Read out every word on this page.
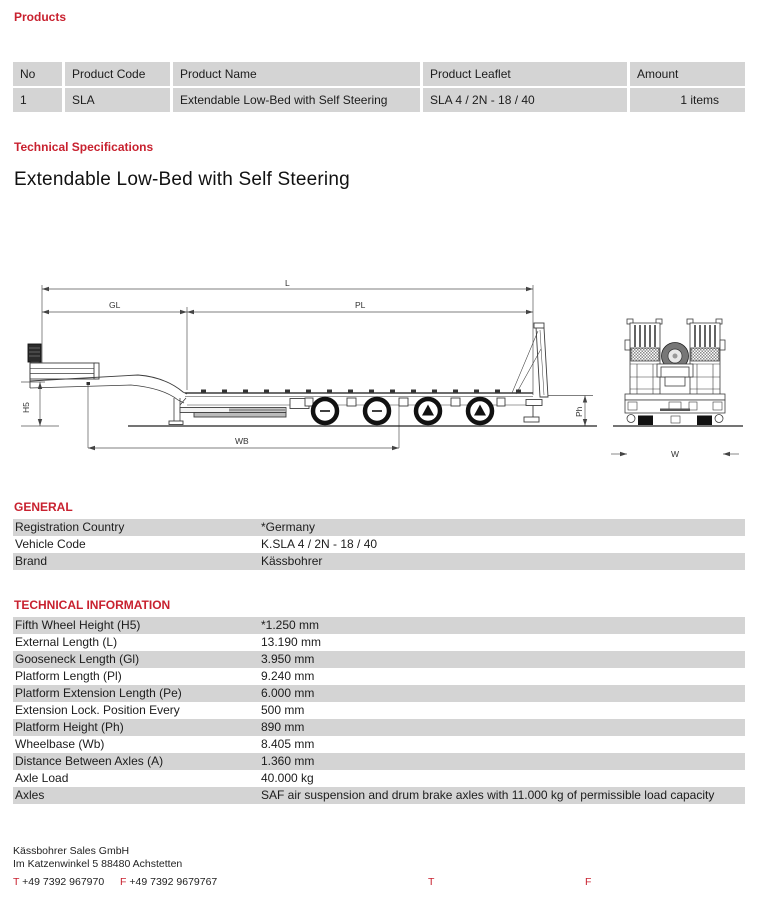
Products
No	Product Code	Product Name	Product Leaflet	Amount
1	SLA	Extendable Low-Bed with Self Steering	SLA 4 / 2N - 18 / 40	1 items
Technical Specifications
Extendable Low-Bed with Self Steering
L
GL	PL
H5
WB
Ph
W
GENERAL
Registration Country	*Germany
Vehicle Code	K.SLA 4 / 2N - 18 / 40
Brand	Kässbohrer
TECHNICAL INFORMATION
Fifth Wheel Height (H5)	*1.250 mm
External Length (L)	13.190 mm
Gooseneck Length (Gl)	3.950 mm
Platform Length (Pl)	9.240 mm
Platform Extension Length (Pe)	6.000 mm
Extension Lock. Position Every	500 mm
Platform Height (Ph)	890 mm
Wheelbase (Wb)	8.405 mm
Distance Between Axles (A)	1.360 mm
Axle Load	40.000 kg
Axles	SAF air suspension and drum brake axles with 11.000 kg of permissible load capacity
Kässbohrer Sales GmbH
Im Katzenwinkel 5 88480 Achstetten
T +49 7392 967970 F +49 7392 9679767	T	F
